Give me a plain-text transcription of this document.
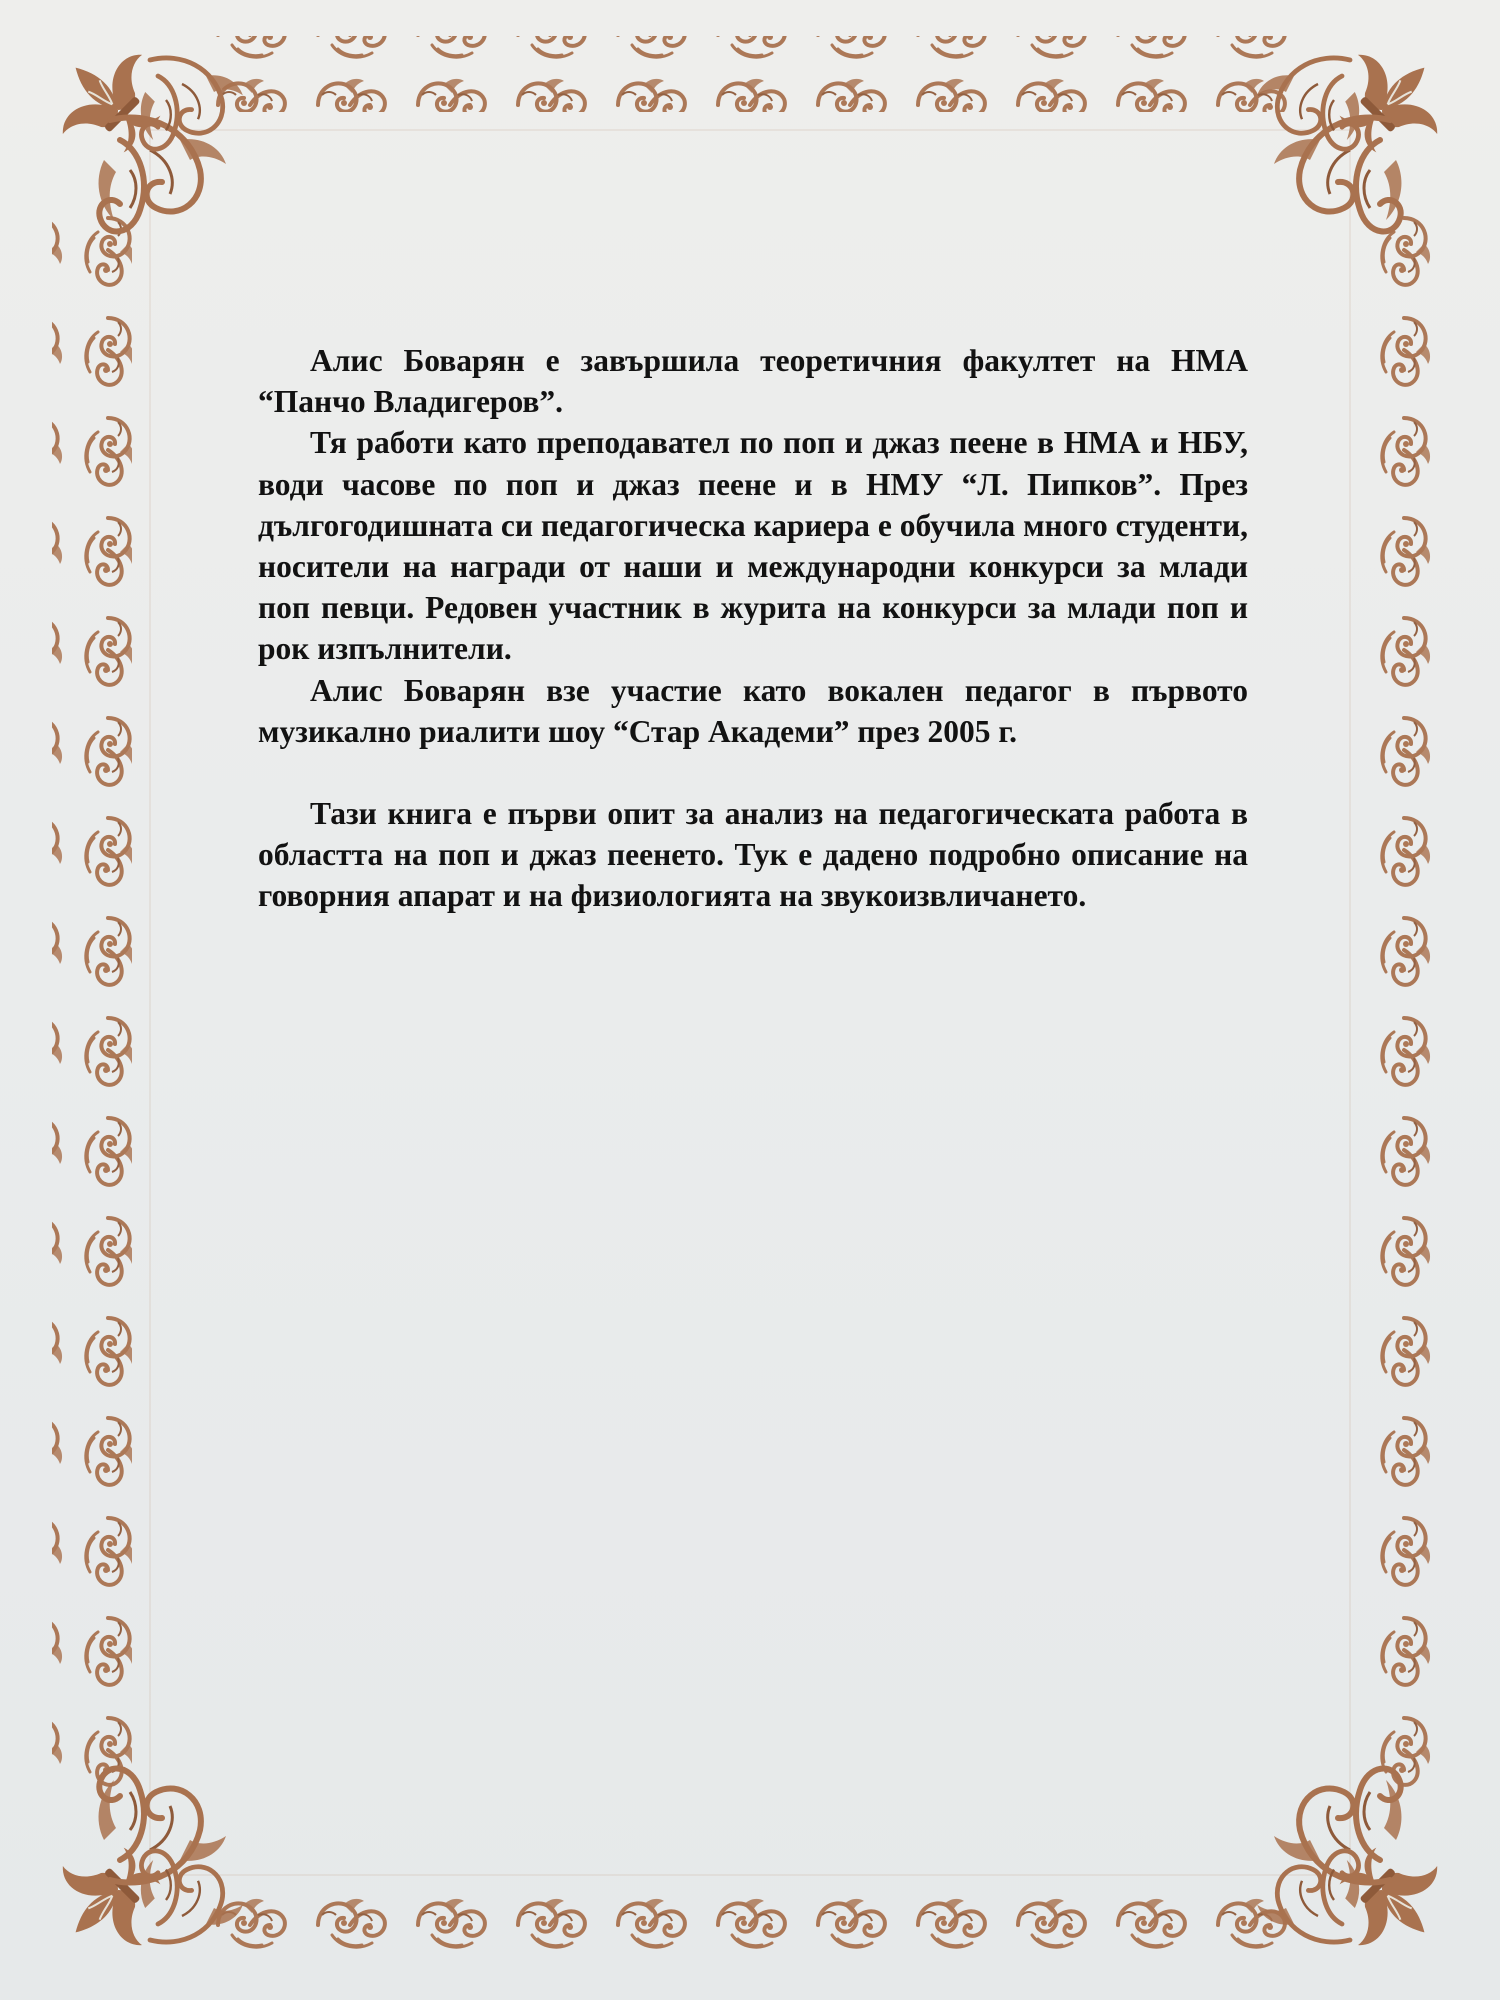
Алис Боварян е завършила теоретичния факултет на НМА “Панчо Владигеров”.

Тя работи като преподавател по поп и джаз пеене в НМА и НБУ, води часове по поп и джаз пеене и в НМУ “Л. Пипков”. През дългогодишната си педагогическа кариера е обучила много студенти, носители на награди от наши и международни конкурси за млади поп певци. Редовен участник в журита на конкурси за млади поп и рок изпълнители.

Алис Боварян взе участие като вокален педагог в първото музикално риалити шоу “Стар Академи” през 2005 г.

Тази книга е първи опит за анализ на педагогическата работа в областта на поп и джаз пеенето. Тук е дадено подробно описание на говорния апарат и на физиологията на звукоизвличането.
